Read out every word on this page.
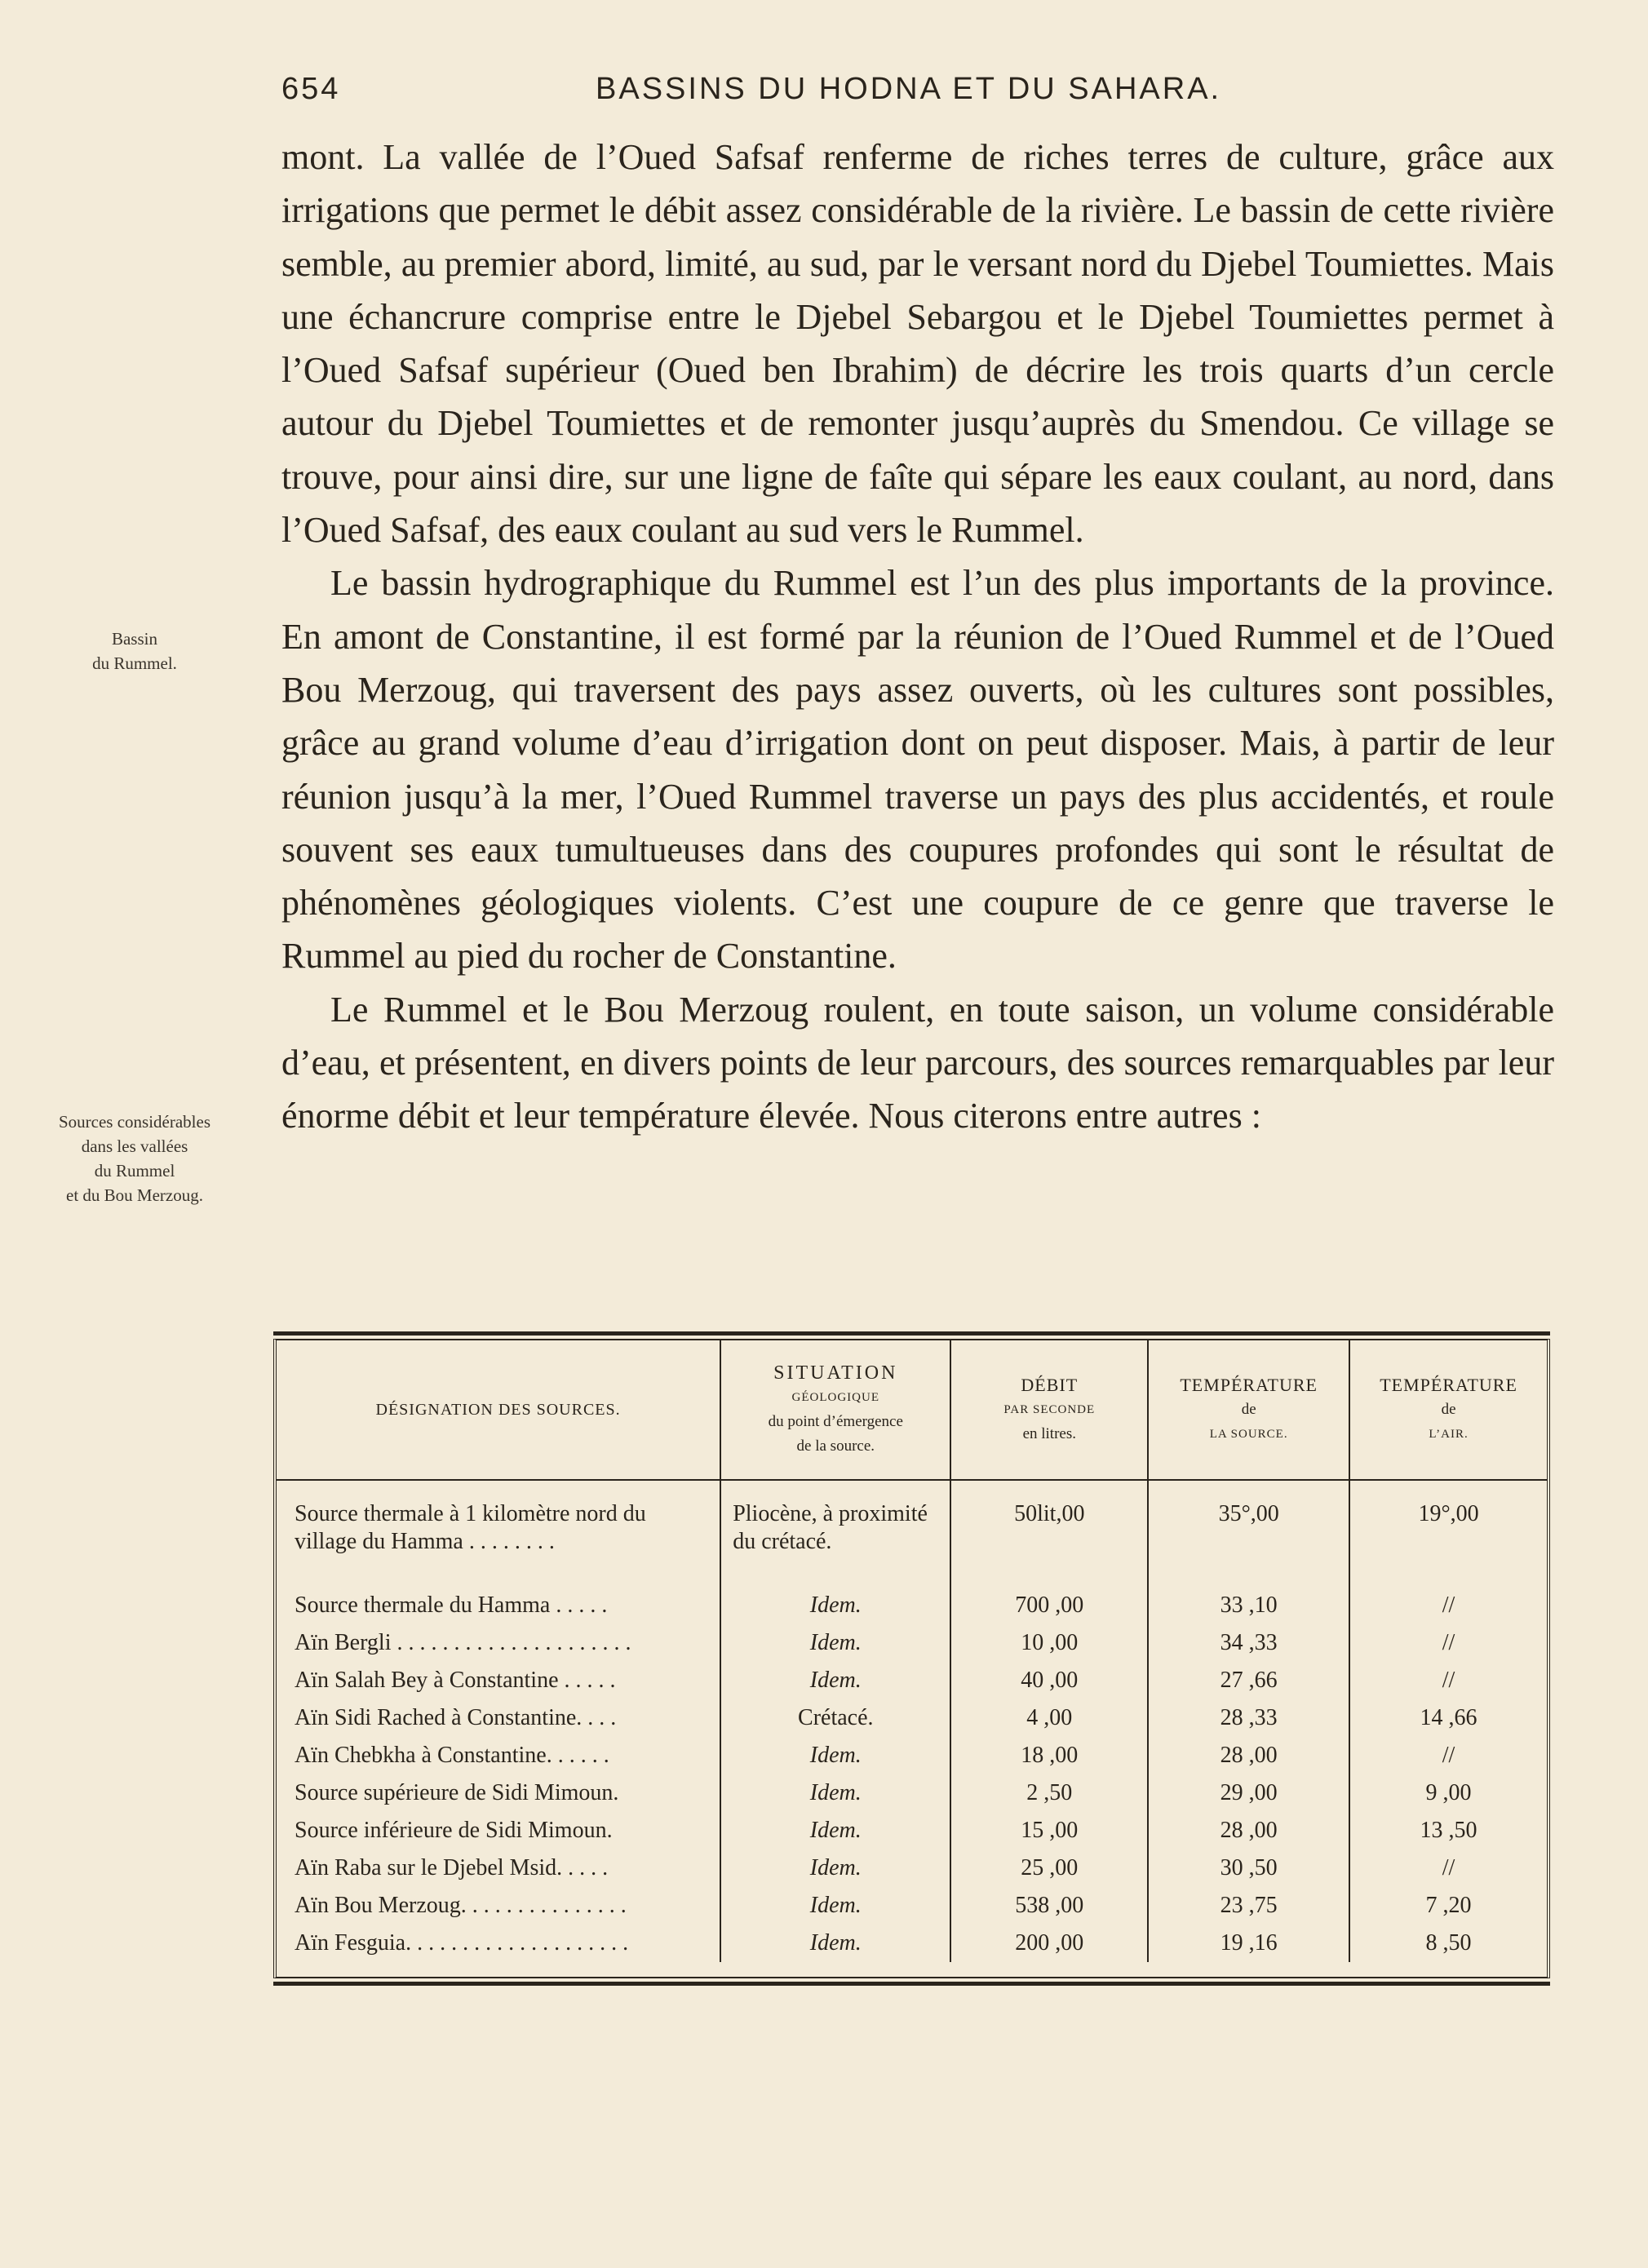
654	BASSINS DU HODNA ET DU SAHARA.
Bassin
du Rummel.
Sources considérables
dans les vallées
du Rummel
et du Bou Merzoug.

mont. La vallée de l’Oued Safsaf renferme de riches terres de culture, grâce aux irrigations que permet le débit assez considérable de la rivière. Le bassin de cette rivière semble, au premier abord, limité, au sud, par le versant nord du Djebel Toumiettes. Mais une échancrure comprise entre le Djebel Sebargou et le Djebel Toumiettes permet à l’Oued Safsaf supérieur (Oued ben Ibrahim) de décrire les trois quarts d’un cercle autour du Djebel Toumiettes et de remonter jusqu’auprès du Smendou. Ce village se trouve, pour ainsi dire, sur une ligne de faîte qui sépare les eaux coulant, au nord, dans l’Oued Safsaf, des eaux coulant au sud vers le Rummel.

Le bassin hydrographique du Rummel est l’un des plus importants de la province. En amont de Constantine, il est formé par la réunion de l’Oued Rummel et de l’Oued Bou Merzoug, qui traversent des pays assez ouverts, où les cultures sont possibles, grâce au grand volume d’eau d’irrigation dont on peut disposer. Mais, à partir de leur réunion jusqu’à la mer, l’Oued Rummel traverse un pays des plus accidentés, et roule souvent ses eaux tumultueuses dans des coupures profondes qui sont le résultat de phénomènes géologiques violents. C’est une coupure de ce genre que traverse le Rummel au pied du rocher de Constantine.

Le Rummel et le Bou Merzoug roulent, en toute saison, un volume considérable d’eau, et présentent, en divers points de leur parcours, des sources remarquables par leur énorme débit et leur température élevée. Nous citerons entre autres :

DÉSIGNATION DES SOURCES.	SITUATION
GÉOLOGIQUE
du point d’émergence
de la source.	DÉBIT
PAR SECONDE
en litres.	TEMPÉRATURE
de
LA SOURCE.	TEMPÉRATURE
de
L’AIR.

Source thermale à 1 kilomètre nord du village du Hamma . . . . . . . .	Pliocène, à proximité du crétacé.	50lit,00	35°,00	19°,00
Source thermale du Hamma . . . . .	Idem.	700 ,00	33 ,10	//
Aïn Bergli . . . . . . . . . . . . . . . . . . . . .	Idem.	10 ,00	34 ,33	//
Aïn Salah Bey à Constantine . . . . .	Idem.	40 ,00	27 ,66	//
Aïn Sidi Rached à Constantine. . . .	Crétacé.	4 ,00	28 ,33	14 ,66
Aïn Chebkha à Constantine. . . . . .	Idem.	18 ,00	28 ,00	//
Source supérieure de Sidi Mimoun.	Idem.	2 ,50	29 ,00	9 ,00
Source inférieure de Sidi Mimoun.	Idem.	15 ,00	28 ,00	13 ,50
Aïn Raba sur le Djebel Msid. . . . .	Idem.	25 ,00	30 ,50	//
Aïn Bou Merzoug. . . . . . . . . . . . . . .	Idem.	538 ,00	23 ,75	7 ,20
Aïn Fesguia. . . . . . . . . . . . . . . . . . . .	Idem.	200 ,00	19 ,16	8 ,50
